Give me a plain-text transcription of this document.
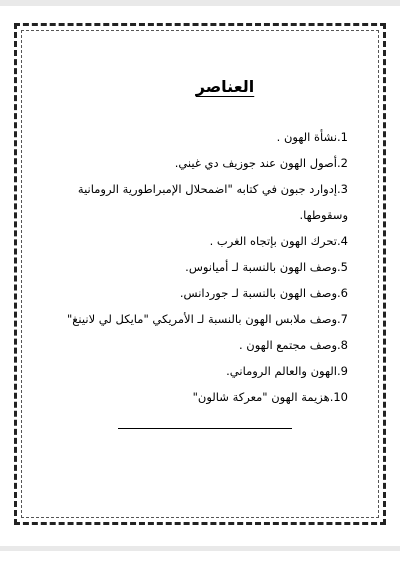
العناصر
1.نشأة الهون .
2.أصول الهون عند جوزيف دي غيني.
3.إدوارد جبون في كتابه "اضمحلال الإمبراطورية الرومانية وسقوطها.
4.تحرك الهون بإتجاه الغرب .
5.وصف الهون بالنسبة لـ أميانوس.
6.وصف الهون بالنسبة لـ جوردانس.
7.وصف ملابس الهون بالنسبة لـ الأمريكي "مايكل لي لانينغ"
8.وصف مجتمع الهون .
9.الهون والعالم الروماني.
10.هزيمة الهون "معركة شالون"
